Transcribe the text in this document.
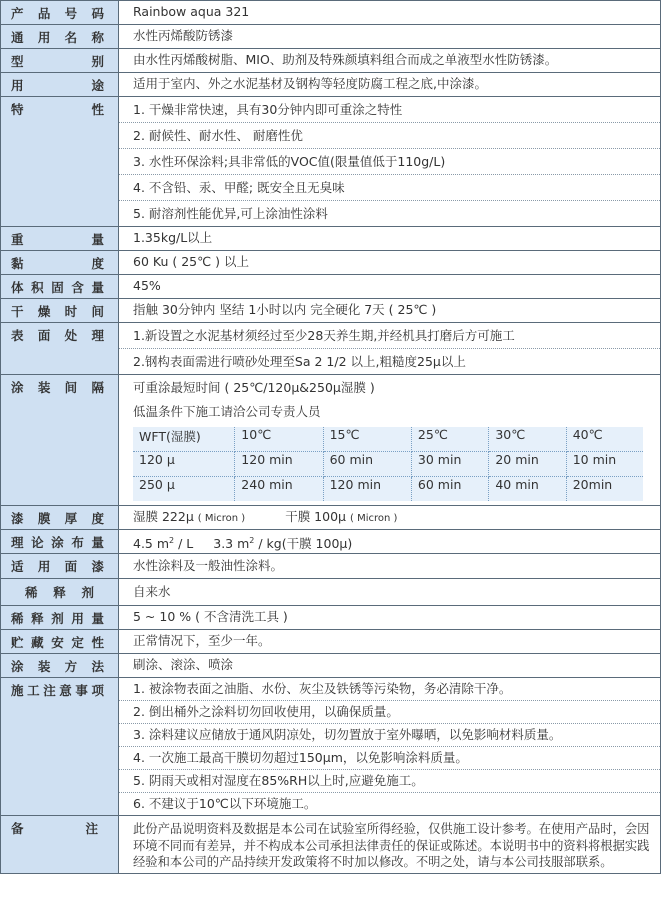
产 品 号 码	Rainbow aqua 321

通 用 名 称	水性丙烯酸防锈漆

型	别	由水性丙烯酸树脂、MIO、助剂及特殊颜填料组合而成之单液型水性防锈漆。

用	途	适用于室内、外之水泥基材及钢构等轻度防腐工程之底,中涂漆。

特	性	1. 干燥非常快速，具有30分钟内即可重涂之特性
2. 耐候性、耐水性、 耐磨性优
3. 水性环保涂料;具非常低的VOC值(限量值低于110g/L)
4. 不含铅、汞、甲醛; 既安全且无臭味
5. 耐溶剂性能优异,可上涂油性涂料

重	量	1.35kg/L以上

黏	度	60 Ku ( 25℃ ) 以上

体 积 固 含 量	45%

干 燥 时 间	指触 30分钟内 坚结 1小时以内 完全硬化 7天 ( 25℃ )

表 面 处 理	1.新设置之水泥基材须经过至少28天养生期,并经机具打磨后方可施工
2.钢构表面需进行喷砂处理至Sa 2 1/2 以上,粗糙度25μ以上

涂 装 间 隔	可重涂最短时间 ( 25℃/120μ&250μ湿膜 )
低温条件下施工请洽公司专责人员
WFT(湿膜)	10℃	15℃	25℃	30℃	40℃
120 μ	120 min	60 min	30 min	20 min	10 min
250 μ	240 min	120 min	60 min	40 min	20min

漆 膜 厚 度	湿膜 222μ ( Micron )	干膜 100μ ( Micron )

理 论 涂 布 量	4.5 $m^2$ / L 3.3 $m^2 / kg$(干膜 100μ)

适 用 面 漆	水性涂料及一般油性涂料。

稀 释 剂	自来水

稀 释 剂 用 量	5 ~ 10 % ( 不含清洗工具 )

贮 藏 安 定 性	正常情况下，至少一年。

涂 装 方 法	刷涂、滚涂、喷涂

施 工 注 意 事 项	1. 被涂物表面之油脂、水份、灰尘及铁锈等污染物，务必清除干净。
2. 倒出桶外之涂料切勿回收使用，以确保质量。
3. 涂料建议应储放于通风阴凉处，切勿置放于室外曝晒，以免影响材料质量。
4. 一次施工最高干膜切勿超过150μm，以免影响涂料质量。
5. 阴雨天或相对湿度在85%RH以上时,应避免施工。
6. 不建议于10℃以下环境施工。

备	注	此份产品说明资料及数据是本公司在试验室所得经验，仅供施工设计参考。在使用产品时，会因环境不同而有差异，并不构成本公司承担法律责任的保证或陈述。本说明书中的资料将根据实践经验和本公司的产品持续开发政策将不时加以修改。不明之处，请与本公司技服部联系。
